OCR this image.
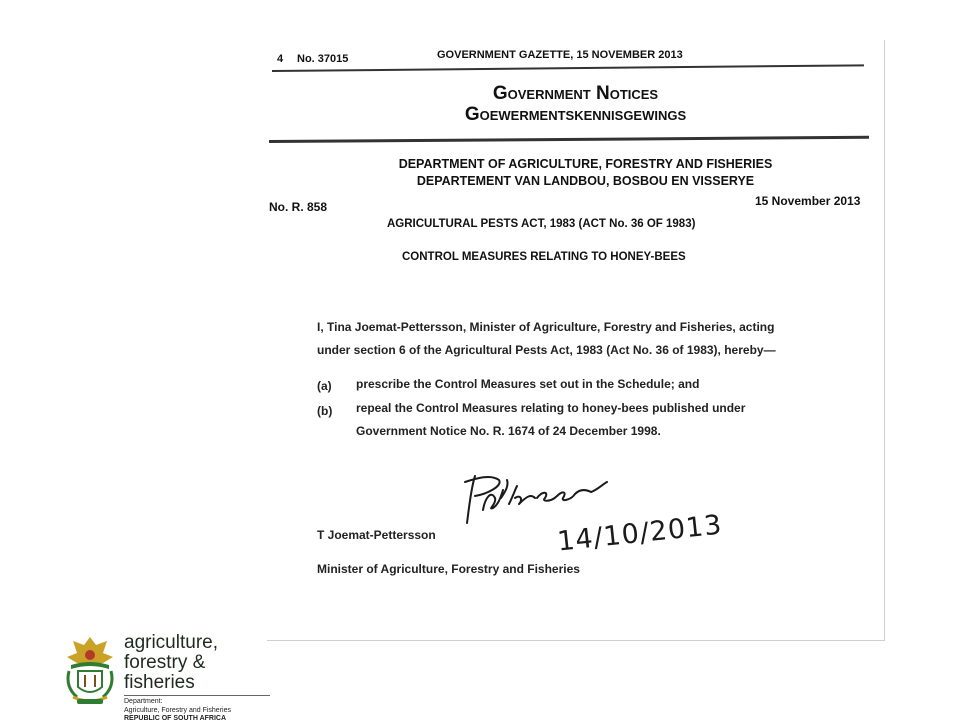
4 No. 37015	GOVERNMENT GAZETTE, 15 NOVEMBER 2013
Government Notices
Goewermentskennisgewings
DEPARTMENT OF AGRICULTURE, FORESTRY AND FISHERIES
DEPARTEMENT VAN LANDBOU, BOSBOU EN VISSERYE
No. R. 858	15 November 2013
AGRICULTURAL PESTS ACT, 1983 (ACT No. 36 OF 1983)
CONTROL MEASURES RELATING TO HONEY-BEES
I, Tina Joemat-Pettersson, Minister of Agriculture, Forestry and Fisheries, acting
under section 6 of the Agricultural Pests Act, 1983 (Act No. 36 of 1983), hereby—
(a) prescribe the Control Measures set out in the Schedule; and
(b) repeal the Control Measures relating to honey-bees published under
Government Notice No. R. 1674 of 24 December 1998.
14/10/2013
T Joemat-Pettersson
Minister of Agriculture, Forestry and Fisheries
agriculture,
forestry & fisheries
Department:
Agriculture, Forestry and Fisheries
REPUBLIC OF SOUTH AFRICA
